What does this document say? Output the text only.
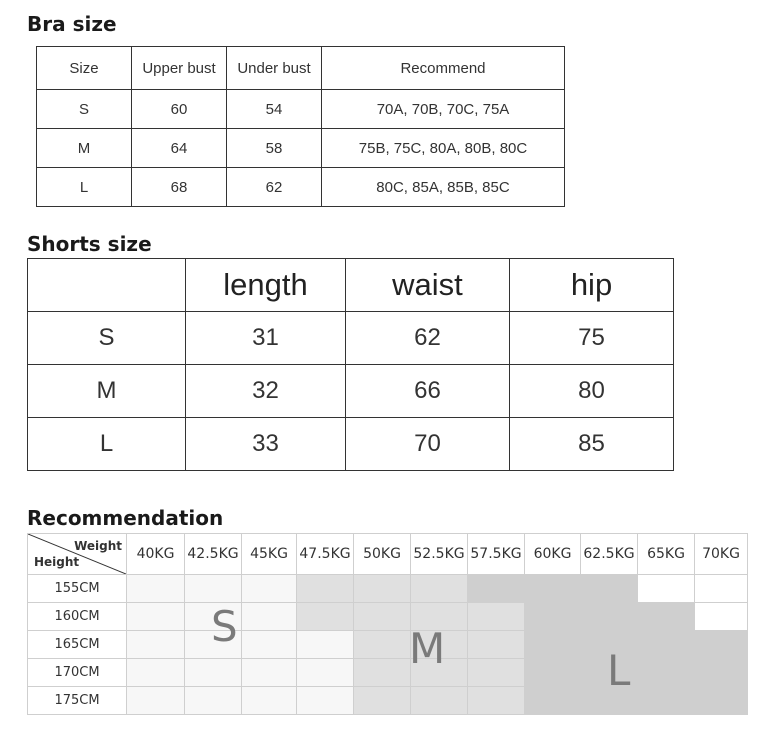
Bra size
Size	Upper bust	Under bust	Recommend
S	60	54	70A, 70B, 70C, 75A
M	64	58	75B, 75C, 80A, 80B, 80C
L	68	62	80C, 85A, 85B, 85C
Shorts size
	length	waist	hip
S	31	62	75
M	32	66	80
L	33	70	85
Recommendation
Weight
Height	40KG	42.5KG	45KG	47.5KG	50KG	52.5KG	57.5KG	60KG	62.5KG	65KG	70KG
155CM											
160CM											
165CM											
170CM											
175CM											
S	M	L
